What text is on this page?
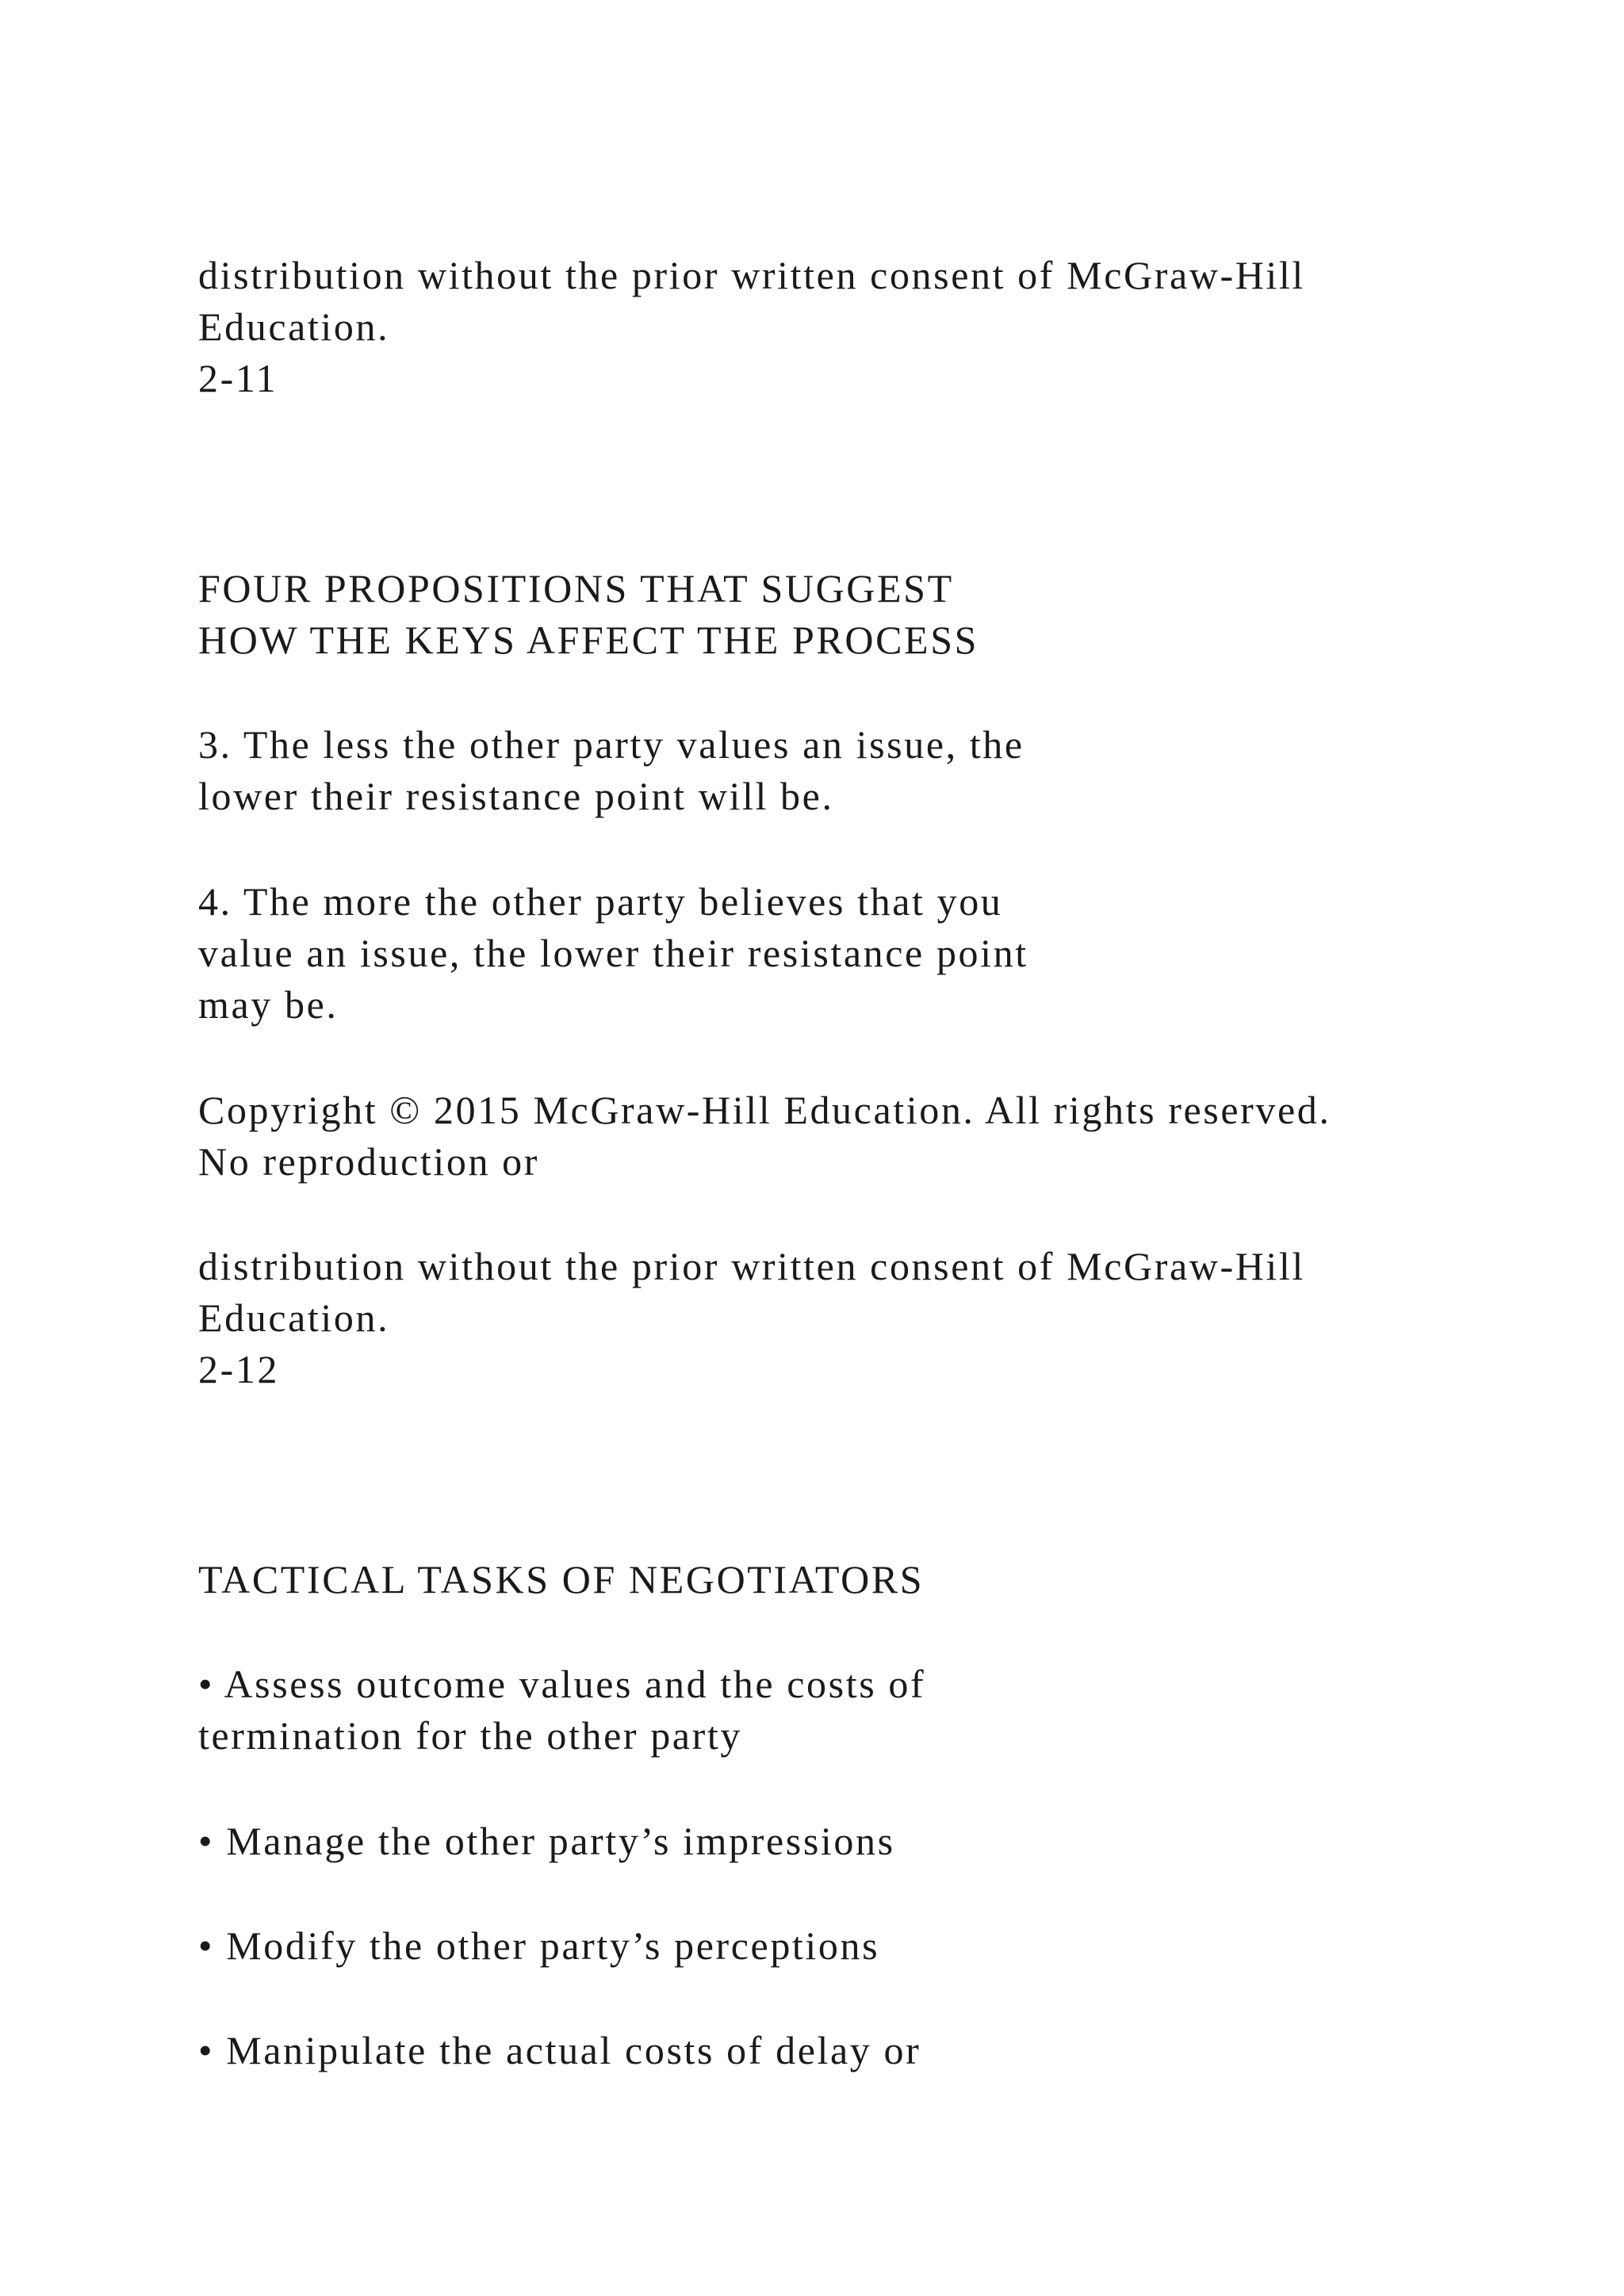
distribution without the prior written consent of McGraw-Hill
Education.
2-11
FOUR PROPOSITIONS THAT SUGGEST
HOW THE KEYS AFFECT THE PROCESS
3. The less the other party values an issue, the
lower their resistance point will be.
4. The more the other party believes that you
value an issue, the lower their resistance point
may be.
Copyright © 2015 McGraw-Hill Education. All rights reserved.
No reproduction or
distribution without the prior written consent of McGraw-Hill
Education.
2-12
TACTICAL TASKS OF NEGOTIATORS
• Assess outcome values and the costs of
termination for the other party
• Manage the other party’s impressions
• Modify the other party’s perceptions
• Manipulate the actual costs of delay or
